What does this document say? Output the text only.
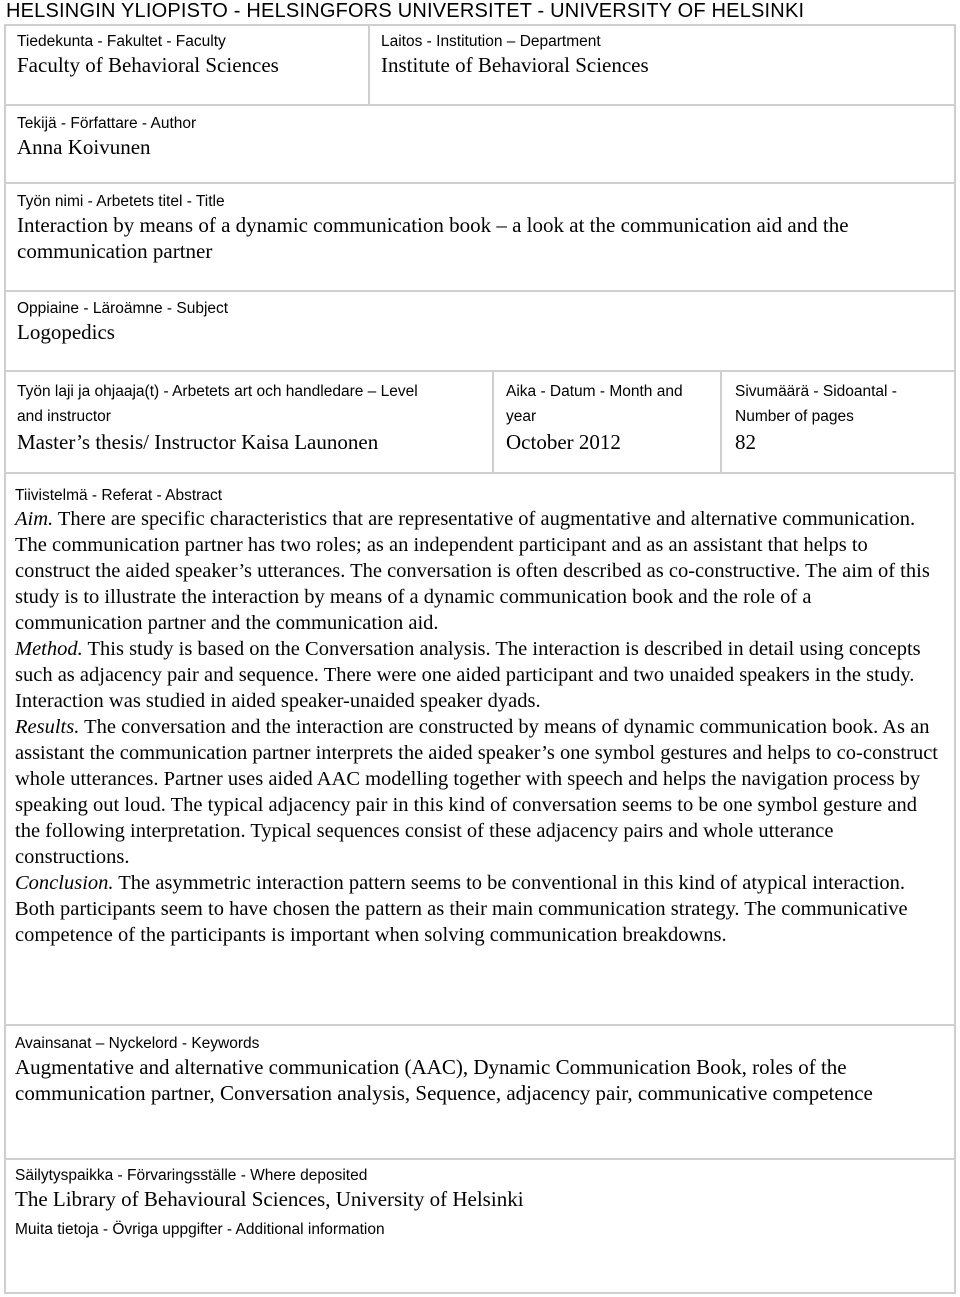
HELSINGIN YLIOPISTO - HELSINGFORS UNIVERSITET - UNIVERSITY OF HELSINKI
Tiedekunta - Fakultet - Faculty
Faculty of Behavioral Sciences
Laitos - Institution – Department
Institute of Behavioral Sciences
Tekijä - Författare - Author
Anna Koivunen
Työn nimi - Arbetets titel - Title
Interaction by means of a dynamic communication book – a look at the communication aid and the
communication partner
Oppiaine - Läroämne - Subject
Logopedics
Työn laji ja ohjaaja(t) - Arbetets art och handledare – Level
and instructor
Master’s thesis/ Instructor Kaisa Launonen
Aika - Datum - Month and
year
October 2012
Sivumäärä - Sidoantal -
Number of pages
82
Tiivistelmä - Referat - Abstract

Aim. There are specific characteristics that are representative of augmentative and alternative communication. The communication partner has two roles; as an independent participant and as an assistant that helps to construct the aided speaker’s utterances. The conversation is often described as co-constructive. The aim of this study is to illustrate the interaction by means of a dynamic communication book and the role of a communication partner and the communication aid.

Method. This study is based on the Conversation analysis. The interaction is described in detail using concepts such as adjacency pair and sequence. There were one aided participant and two unaided speakers in the study. Interaction was studied in aided speaker-unaided speaker dyads.

Results. The conversation and the interaction are constructed by means of dynamic communication book. As an assistant the communication partner interprets the aided speaker’s one symbol gestures and helps to co-construct whole utterances. Partner uses aided AAC modelling together with speech and helps the navigation process by speaking out loud. The typical adjacency pair in this kind of conversation seems to be one symbol gesture and the following interpretation. Typical sequences consist of these adjacency pairs and whole utterance constructions.

Conclusion. The asymmetric interaction pattern seems to be conventional in this kind of atypical interaction. Both participants seem to have chosen the pattern as their main communication strategy. The communicative competence of the participants is important when solving communication breakdowns.

Avainsanat – Nyckelord - Keywords
Augmentative and alternative communication (AAC), Dynamic Communication Book, roles of the communication partner, Conversation analysis, Sequence, adjacency pair, communicative competence
Säilytyspaikka - Förvaringsställe - Where deposited
The Library of Behavioural Sciences, University of Helsinki
Muita tietoja - Övriga uppgifter - Additional information
